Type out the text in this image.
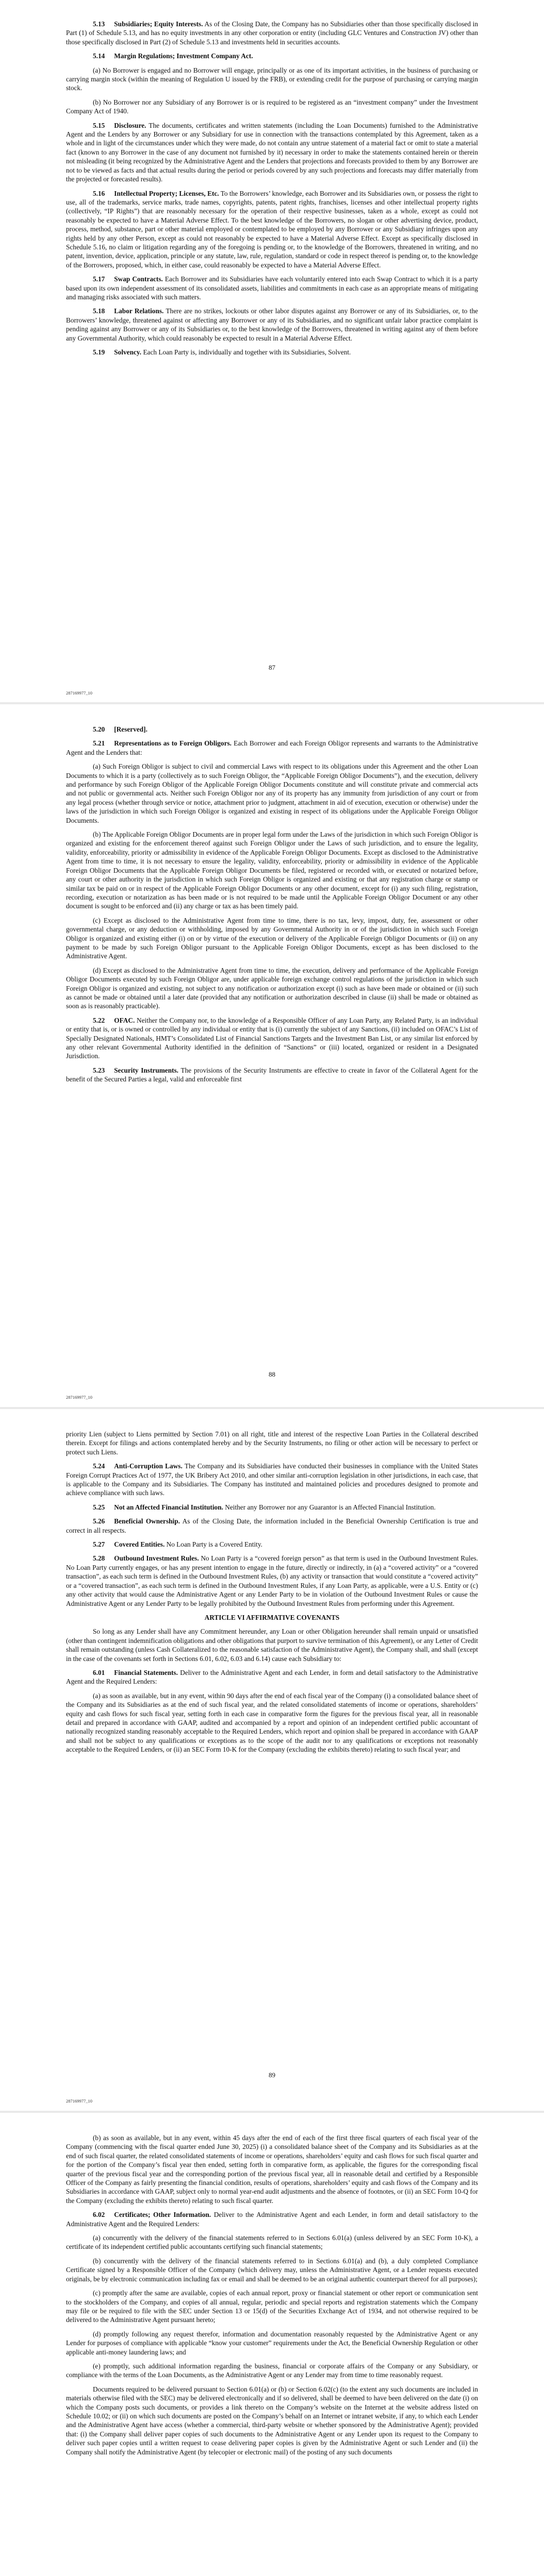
5.13 Subsidiaries; Equity Interests. As of the Closing Date, the Company has no Subsidiaries other than those specifically disclosed in Part (1) of Schedule 5.13, and has no equity investments in any other corporation or entity (including GLC Ventures and Construction JV) other than those specifically disclosed in Part (2) of Schedule 5.13 and investments held in securities accounts.

5.14 Margin Regulations; Investment Company Act.

(a) No Borrower is engaged and no Borrower will engage, principally or as one of its important activities, in the business of purchasing or carrying margin stock (within the meaning of Regulation U issued by the FRB), or extending credit for the purpose of purchasing or carrying margin stock.

(b) No Borrower nor any Subsidiary of any Borrower is or is required to be registered as an “investment company” under the Investment Company Act of 1940.

5.15 Disclosure. The documents, certificates and written statements (including the Loan Documents) furnished to the Administrative Agent and the Lenders by any Borrower or any Subsidiary for use in connection with the transactions contemplated by this Agreement, taken as a whole and in light of the circumstances under which they were made, do not contain any untrue statement of a material fact or omit to state a material fact (known to any Borrower in the case of any document not furnished by it) necessary in order to make the statements contained herein or therein not misleading (it being recognized by the Administrative Agent and the Lenders that projections and forecasts provided to them by any Borrower are not to be viewed as facts and that actual results during the period or periods covered by any such projections and forecasts may differ materially from the projected or forecasted results).

5.16 Intellectual Property; Licenses, Etc. To the Borrowers’ knowledge, each Borrower and its Subsidiaries own, or possess the right to use, all of the trademarks, service marks, trade names, copyrights, patents, patent rights, franchises, licenses and other intellectual property rights (collectively, “IP Rights”) that are reasonably necessary for the operation of their respective businesses, taken as a whole, except as could not reasonably be expected to have a Material Adverse Effect. To the best knowledge of the Borrowers, no slogan or other advertising device, product, process, method, substance, part or other material employed or contemplated to be employed by any Borrower or any Subsidiary infringes upon any rights held by any other Person, except as could not reasonably be expected to have a Material Adverse Effect. Except as specifically disclosed in Schedule 5.16, no claim or litigation regarding any of the foregoing is pending or, to the knowledge of the Borrowers, threatened in writing, and no patent, invention, device, application, principle or any statute, law, rule, regulation, standard or code in respect thereof is pending or, to the knowledge of the Borrowers, proposed, which, in either case, could reasonably be expected to have a Material Adverse Effect.

5.17 Swap Contracts. Each Borrower and its Subsidiaries have each voluntarily entered into each Swap Contract to which it is a party based upon its own independent assessment of its consolidated assets, liabilities and commitments in each case as an appropriate means of mitigating and managing risks associated with such matters.

5.18 Labor Relations. There are no strikes, lockouts or other labor disputes against any Borrower or any of its Subsidiaries, or, to the Borrowers’ knowledge, threatened against or affecting any Borrower or any of its Subsidiaries, and no significant unfair labor practice complaint is pending against any Borrower or any of its Subsidiaries or, to the best knowledge of the Borrowers, threatened in writing against any of them before any Governmental Authority, which could reasonably be expected to result in a Material Adverse Effect.

5.19 Solvency. Each Loan Party is, individually and together with its Subsidiaries, Solvent.

87
287169977_10

5.20 [Reserved].

5.21 Representations as to Foreign Obligors. Each Borrower and each Foreign Obligor represents and warrants to the Administrative Agent and the Lenders that:

(a) Such Foreign Obligor is subject to civil and commercial Laws with respect to its obligations under this Agreement and the other Loan Documents to which it is a party (collectively as to such Foreign Obligor, the “Applicable Foreign Obligor Documents”), and the execution, delivery and performance by such Foreign Obligor of the Applicable Foreign Obligor Documents constitute and will constitute private and commercial acts and not public or governmental acts. Neither such Foreign Obligor nor any of its property has any immunity from jurisdiction of any court or from any legal process (whether through service or notice, attachment prior to judgment, attachment in aid of execution, execution or otherwise) under the laws of the jurisdiction in which such Foreign Obligor is organized and existing in respect of its obligations under the Applicable Foreign Obligor Documents.

(b) The Applicable Foreign Obligor Documents are in proper legal form under the Laws of the jurisdiction in which such Foreign Obligor is organized and existing for the enforcement thereof against such Foreign Obligor under the Laws of such jurisdiction, and to ensure the legality, validity, enforceability, priority or admissibility in evidence of the Applicable Foreign Obligor Documents. Except as disclosed to the Administrative Agent from time to time, it is not necessary to ensure the legality, validity, enforceability, priority or admissibility in evidence of the Applicable Foreign Obligor Documents that the Applicable Foreign Obligor Documents be filed, registered or recorded with, or executed or notarized before, any court or other authority in the jurisdiction in which such Foreign Obligor is organized and existing or that any registration charge or stamp or similar tax be paid on or in respect of the Applicable Foreign Obligor Documents or any other document, except for (i) any such filing, registration, recording, execution or notarization as has been made or is not required to be made until the Applicable Foreign Obligor Document or any other document is sought to be enforced and (ii) any charge or tax as has been timely paid.

(c) Except as disclosed to the Administrative Agent from time to time, there is no tax, levy, impost, duty, fee, assessment or other governmental charge, or any deduction or withholding, imposed by any Governmental Authority in or of the jurisdiction in which such Foreign Obligor is organized and existing either (i) on or by virtue of the execution or delivery of the Applicable Foreign Obligor Documents or (ii) on any payment to be made by such Foreign Obligor pursuant to the Applicable Foreign Obligor Documents, except as has been disclosed to the Administrative Agent.

(d) Except as disclosed to the Administrative Agent from time to time, the execution, delivery and performance of the Applicable Foreign Obligor Documents executed by such Foreign Obligor are, under applicable foreign exchange control regulations of the jurisdiction in which such Foreign Obligor is organized and existing, not subject to any notification or authorization except (i) such as have been made or obtained or (ii) such as cannot be made or obtained until a later date (provided that any notification or authorization described in clause (ii) shall be made or obtained as soon as is reasonably practicable).

5.22 OFAC. Neither the Company nor, to the knowledge of a Responsible Officer of any Loan Party, any Related Party, is an individual or entity that is, or is owned or controlled by any individual or entity that is (i) currently the subject of any Sanctions, (ii) included on OFAC’s List of Specially Designated Nationals, HMT’s Consolidated List of Financial Sanctions Targets and the Investment Ban List, or any similar list enforced by any other relevant Governmental Authority identified in the definition of “Sanctions” or (iii) located, organized or resident in a Designated Jurisdiction.

5.23 Security Instruments. The provisions of the Security Instruments are effective to create in favor of the Collateral Agent for the benefit of the Secured Parties a legal, valid and enforceable first

88
287169977_10

priority Lien (subject to Liens permitted by Section 7.01) on all right, title and interest of the respective Loan Parties in the Collateral described therein. Except for filings and actions contemplated hereby and by the Security Instruments, no filing or other action will be necessary to perfect or protect such Liens.

5.24 Anti-Corruption Laws. The Company and its Subsidiaries have conducted their businesses in compliance with the United States Foreign Corrupt Practices Act of 1977, the UK Bribery Act 2010, and other similar anti-corruption legislation in other jurisdictions, in each case, that is applicable to the Company and its Subsidiaries. The Company has instituted and maintained policies and procedures designed to promote and achieve compliance with such laws.

5.25 Not an Affected Financial Institution. Neither any Borrower nor any Guarantor is an Affected Financial Institution.

5.26 Beneficial Ownership. As of the Closing Date, the information included in the Beneficial Ownership Certification is true and correct in all respects.

5.27 Covered Entities. No Loan Party is a Covered Entity.

5.28 Outbound Investment Rules. No Loan Party is a “covered foreign person” as that term is used in the Outbound Investment Rules. No Loan Party currently engages, or has any present intention to engage in the future, directly or indirectly, in (a) a “covered activity” or a “covered transaction”, as each such term is defined in the Outbound Investment Rules, (b) any activity or transaction that would constitute a “covered activity” or a “covered transaction”, as each such term is defined in the Outbound Investment Rules, if any Loan Party, as applicable, were a U.S. Entity or (c) any other activity that would cause the Administrative Agent or any Lender Party to be in violation of the Outbound Investment Rules or cause the Administrative Agent or any Lender Party to be legally prohibited by the Outbound Investment Rules from performing under this Agreement.

ARTICLE VI AFFIRMATIVE COVENANTS

So long as any Lender shall have any Commitment hereunder, any Loan or other Obligation hereunder shall remain unpaid or unsatisfied (other than contingent indemnification obligations and other obligations that purport to survive termination of this Agreement), or any Letter of Credit shall remain outstanding (unless Cash Collateralized to the reasonable satisfaction of the Administrative Agent), the Company shall, and shall (except in the case of the covenants set forth in Sections 6.01, 6.02, 6.03 and 6.14) cause each Subsidiary to:

6.01 Financial Statements. Deliver to the Administrative Agent and each Lender, in form and detail satisfactory to the Administrative Agent and the Required Lenders:

(a) as soon as available, but in any event, within 90 days after the end of each fiscal year of the Company (i) a consolidated balance sheet of the Company and its Subsidiaries as at the end of such fiscal year, and the related consolidated statements of income or operations, shareholders’ equity and cash flows for such fiscal year, setting forth in each case in comparative form the figures for the previous fiscal year, all in reasonable detail and prepared in accordance with GAAP, audited and accompanied by a report and opinion of an independent certified public accountant of nationally recognized standing reasonably acceptable to the Required Lenders, which report and opinion shall be prepared in accordance with GAAP and shall not be subject to any qualifications or exceptions as to the scope of the audit nor to any qualifications or exceptions not reasonably acceptable to the Required Lenders, or (ii) an SEC Form 10-K for the Company (excluding the exhibits thereto) relating to such fiscal year; and

89
287169977_10

(b) as soon as available, but in any event, within 45 days after the end of each of the first three fiscal quarters of each fiscal year of the Company (commencing with the fiscal quarter ended June 30, 2025) (i) a consolidated balance sheet of the Company and its Subsidiaries as at the end of such fiscal quarter, the related consolidated statements of income or operations, shareholders’ equity and cash flows for such fiscal quarter and for the portion of the Company’s fiscal year then ended, setting forth in comparative form, as applicable, the figures for the corresponding fiscal quarter of the previous fiscal year and the corresponding portion of the previous fiscal year, all in reasonable detail and certified by a Responsible Officer of the Company as fairly presenting the financial condition, results of operations, shareholders’ equity and cash flows of the Company and its Subsidiaries in accordance with GAAP, subject only to normal year-end audit adjustments and the absence of footnotes, or (ii) an SEC Form 10-Q for the Company (excluding the exhibits thereto) relating to such fiscal quarter.

6.02 Certificates; Other Information. Deliver to the Administrative Agent and each Lender, in form and detail satisfactory to the Administrative Agent and the Required Lenders:

(a) concurrently with the delivery of the financial statements referred to in Sections 6.01(a) (unless delivered by an SEC Form 10-K), a certificate of its independent certified public accountants certifying such financial statements;

(b) concurrently with the delivery of the financial statements referred to in Sections 6.01(a) and (b), a duly completed Compliance Certificate signed by a Responsible Officer of the Company (which delivery may, unless the Administrative Agent, or a Lender requests executed originals, be by electronic communication including fax or email and shall be deemed to be an original authentic counterpart thereof for all purposes);

(c) promptly after the same are available, copies of each annual report, proxy or financial statement or other report or communication sent to the stockholders of the Company, and copies of all annual, regular, periodic and special reports and registration statements which the Company may file or be required to file with the SEC under Section 13 or 15(d) of the Securities Exchange Act of 1934, and not otherwise required to be delivered to the Administrative Agent pursuant hereto;

(d) promptly following any request therefor, information and documentation reasonably requested by the Administrative Agent or any Lender for purposes of compliance with applicable “know your customer” requirements under the Act, the Beneficial Ownership Regulation or other applicable anti-money laundering laws; and

(e) promptly, such additional information regarding the business, financial or corporate affairs of the Company or any Subsidiary, or compliance with the terms of the Loan Documents, as the Administrative Agent or any Lender may from time to time reasonably request.

Documents required to be delivered pursuant to Section 6.01(a) or (b) or Section 6.02(c) (to the extent any such documents are included in materials otherwise filed with the SEC) may be delivered electronically and if so delivered, shall be deemed to have been delivered on the date (i) on which the Company posts such documents, or provides a link thereto on the Company’s website on the Internet at the website address listed on Schedule 10.02; or (ii) on which such documents are posted on the Company’s behalf on an Internet or intranet website, if any, to which each Lender and the Administrative Agent have access (whether a commercial, third-party website or whether sponsored by the Administrative Agent); provided that: (i) the Company shall deliver paper copies of such documents to the Administrative Agent or any Lender upon its request to the Company to deliver such paper copies until a written request to cease delivering paper copies is given by the Administrative Agent or such Lender and (ii) the Company shall notify the Administrative Agent (by telecopier or electronic mail) of the posting of any such documents
